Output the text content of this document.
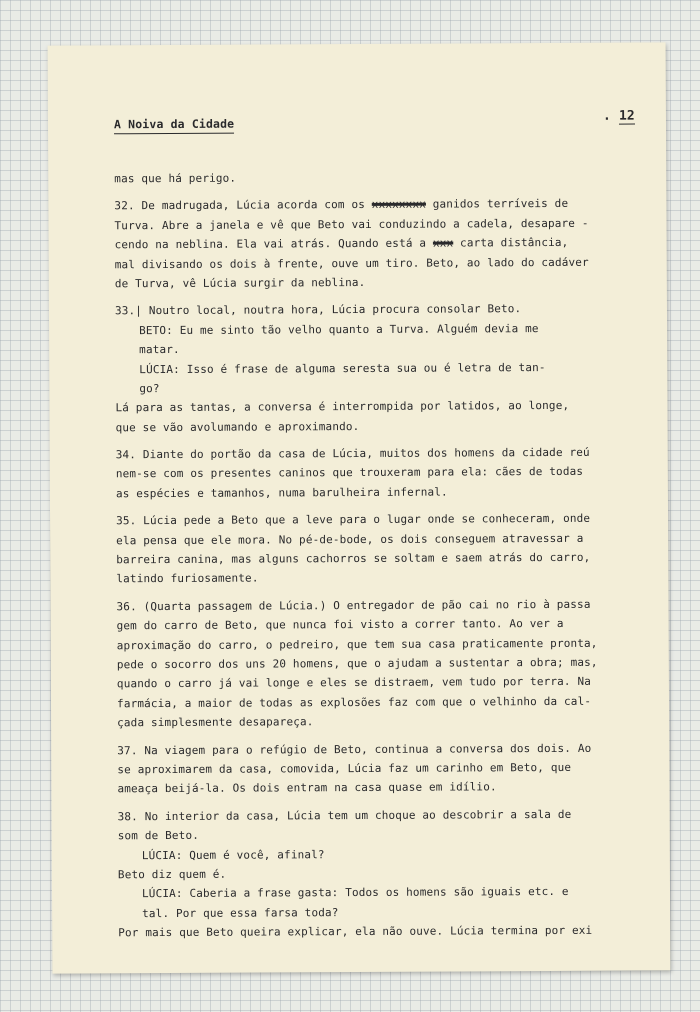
A Noiva da Cidade
. 12
mas que há perigo.
32. De madrugada, Lúcia acorda com os xxxxxxxx ganidos terríveis de
Turva. Abre a janela e vê que Beto vai conduzindo a cadela, desapare -
cendo na neblina. Ela vai atrás. Quando está a xxx carta distância,
mal divisando os dois à frente, ouve um tiro. Beto, ao lado do cadáver
de Turva, vê Lúcia surgir da neblina.
33.| Noutro local, noutra hora, Lúcia procura consolar Beto.
BETO: Eu me sinto tão velho quanto a Turva. Alguém devia me
matar.
LÚCIA: Isso é frase de alguma seresta sua ou é letra de tan-
go?
Lá para as tantas, a conversa é interrompida por latidos, ao longe,
que se vão avolumando e aproximando.
34. Diante do portão da casa de Lúcia, muitos dos homens da cidade reú
nem-se com os presentes caninos que trouxeram para ela: cães de todas
as espécies e tamanhos, numa barulheira infernal.
35. Lúcia pede a Beto que a leve para o lugar onde se conheceram, onde
ela pensa que ele mora. No pé-de-bode, os dois conseguem atravessar a
barreira canina, mas alguns cachorros se soltam e saem atrás do carro,
latindo furiosamente.
36. (Quarta passagem de Lúcia.) O entregador de pão cai no rio à passa
gem do carro de Beto, que nunca foi visto a correr tanto. Ao ver a
aproximação do carro, o pedreiro, que tem sua casa praticamente pronta,
pede o socorro dos uns 20 homens, que o ajudam a sustentar a obra; mas,
quando o carro já vai longe e eles se distraem, vem tudo por terra. Na
farmácia, a maior de todas as explosões faz com que o velhinho da cal-
çada simplesmente desapareça.
37. Na viagem para o refúgio de Beto, continua a conversa dos dois. Ao
se aproximarem da casa, comovida, Lúcia faz um carinho em Beto, que
ameaça beijá-la. Os dois entram na casa quase em idílio.
38. No interior da casa, Lúcia tem um choque ao descobrir a sala de
som de Beto.
LÚCIA: Quem é você, afinal?
Beto diz quem é.
LÚCIA: Caberia a frase gasta: Todos os homens são iguais etc. e
tal. Por que essa farsa toda?
Por mais que Beto queira explicar, ela não ouve. Lúcia termina por exi
